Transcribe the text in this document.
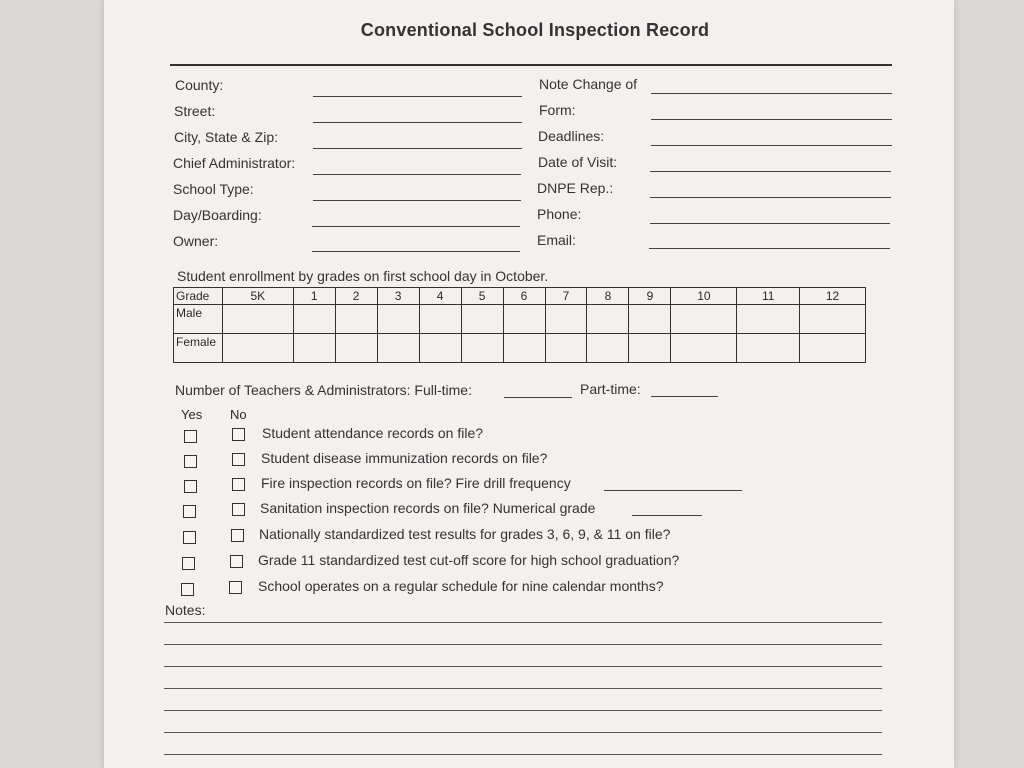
Conventional School Inspection Record
County:
Street:
City, State & Zip:
Chief Administrator:
School Type:
Day/Boarding:
Owner:
Note Change of
Form:
Deadlines:
Date of Visit:
DNPE Rep.:
Phone:
Email:
Student enrollment by grades on first school day in October.
Grade	5K	1	2	3	4	5	6	7	8	9	10	11	12
Male													
Female													
Number of Teachers & Administrators: Full-time:	Part-time:
Yes No
Student attendance records on file?
Student disease immunization records on file?
Fire inspection records on file? Fire drill frequency
Sanitation inspection records on file? Numerical grade
Nationally standardized test results for grades 3, 6, 9, & 11 on file?
Grade 11 standardized test cut-off score for high school graduation?
School operates on a regular schedule for nine calendar months?
Notes:
